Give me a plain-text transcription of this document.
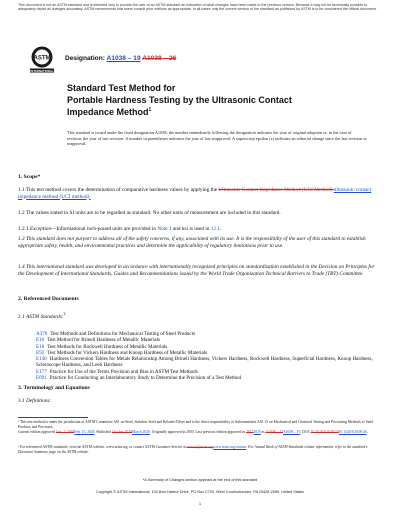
This document is not an ASTM standard and is intended only to provide the user of an ASTM standard an indication of what changes have been made to the previous version. Because it may not be technically possible to adequately depict all changes accurately, ASTM recommends that users consult prior editions as appropriate. In all cases only the current version of the standard as published by ASTM is to be considered the official document.
ASTM
INTERNATIONAL
Designation: A1038 – 19 A1038 – 26
Standard Test Method for
Portable Hardness Testing by the Ultrasonic Contact
Impedance Method$^1$
This standard is issued under the fixed designation A1038; the number immediately following the designation indicates the year of original adoption or, in the case of revision, the year of last revision. A number in parentheses indicates the year of last reapproval. A superscript epsilon (ε) indicates an editorial change since the last revision or reapproval.
1. Scope*
1.1 This test method covers the determination of comparative hardness values by applying the Ultrasonic Contact Impedance Method (UCI Method).ultrasonic contact impedance method (UCI method).
1.2 The values stated in SI units are to be regarded as standard. No other units of measurement are included in this standard.
1.2.1 Exception—Informational inch-pound units are provided in Note 1 and ksi is used in 12.1.
1.3 This standard does not purport to address all of the safety concerns, if any, associated with its use. It is the responsibility of the user of this standard to establish appropriate safety, health, and environmental practices and determine the applicability of regulatory limitations prior to use.
1.4 This international standard was developed in accordance with internationally recognized principles on standardization established in the Decision on Principles for the Development of International Standards, Guides and Recommendations issued by the World Trade Organization Technical Barriers to Trade (TBT) Committee.
2. Referenced Documents
2.1 ASTM Standards:$^2$
A370 Test Methods and Definitions for Mechanical Testing of Steel Products
E10 Test Method for Brinell Hardness of Metallic Materials
E18 Test Methods for Rockwell Hardness of Metallic Materials
E92 Test Methods for Vickers Hardness and Knoop Hardness of Metallic Materials
E140 Hardness Conversion Tables for Metals Relationship Among Brinell Hardness, Vickers Hardness, Rockwell Hardness, Superficial Hardness, Knoop Hardness, Scleroscope Hardness, and Leeb Hardness
E177 Practice for Use of the Terms Precision and Bias in ASTM Test Methods
E691 Practice for Conducting an Interlaboratory Study to Determine the Precision of a Test Method
3. Terminology and Equations
3.1 Definitions:
¹ This test method is under the jurisdiction of ASTM Committee A01 on Steel, Stainless Steel and Related Alloys and is the direct responsibility of Subcommittee A01.13 on Mechanical and Chemical Testing and Processing Methods of Steel Products and Processes.
Current edition approved Oct. 1, 2019Feb. 15, 2026. Published October 2019March 2026. Originally approved in 2005. Last previous edition approved in 20172019 as A1038 – 17A1038 – 19. DOI: 10.1520/A1038-1910.1520/A1038-26.
² For referenced ASTM standards, visit the ASTM website, www.astm.org, or contact ASTM Customer Service at service@astm.orgwww.astm.org/contact. For Annual Book of ASTM Standards volume information, refer to the standard's Document Summary page on the ASTM website.
*A Summary of Changes section appears at the end of this standard
Copyright © ASTM International, 100 Barr Harbor Drive, PO Box C700, West Conshohocken, PA 19428-2959. United States
1
